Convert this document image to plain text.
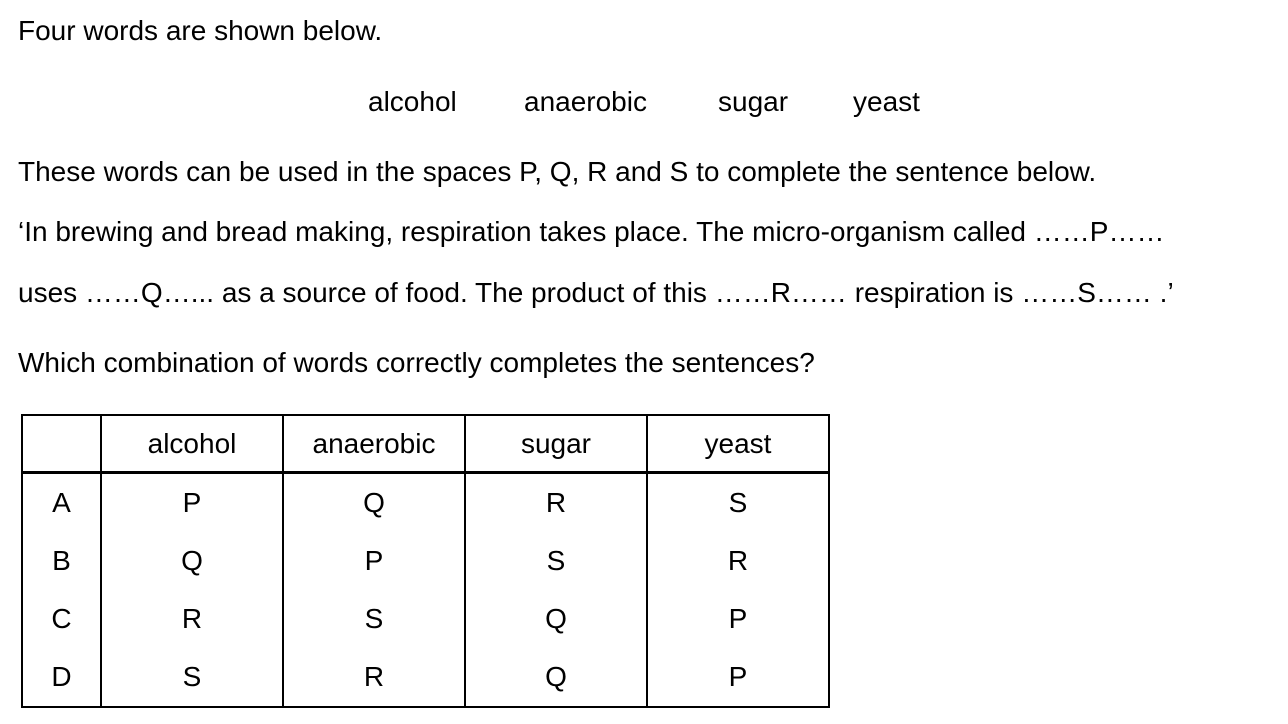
Four words are shown below.
alcohol anaerobic	sugar yeast
These words can be used in the spaces P, Q, R and S to complete the sentence below.
‘In brewing and bread making, respiration takes place. The micro-organism called ……P……
uses ……Q…... as a source of food. The product of this ……R…… respiration is ……S…… .’
Which combination of words correctly completes the sentences?
	alcohol	anaerobic	sugar	yeast
A	P	Q	R	S
B	Q	P	S	R
C	R	S	Q	P
D	S	R	Q	P
